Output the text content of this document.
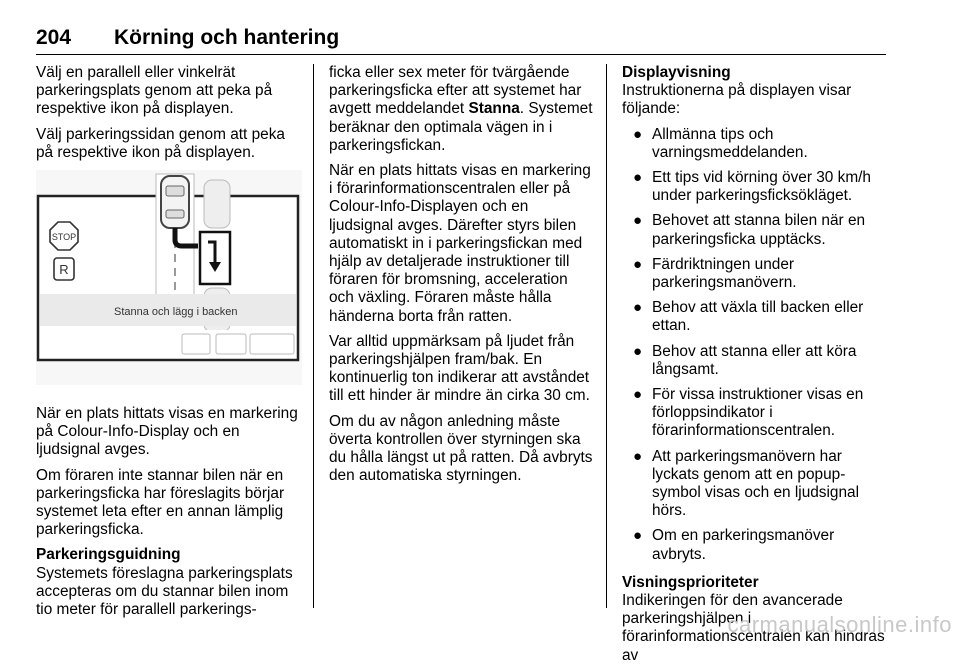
204 Körning och hantering

Välj en parallell eller vinkelrät parkeringsplats genom att peka på respektive ikon på displayen.

Välj parkeringssidan genom att peka på respektive ikon på displayen.

STOP
R
Stanna och lägg i backen

När en plats hittats visas en markering på Colour-Info-Display och en ljudsignal avges.

Om föraren inte stannar bilen när en parkeringsficka har föreslagits börjar systemet leta efter en annan lämplig parkeringsficka.

Parkeringsguidning

Systemets föreslagna parkeringsplats accepteras om du stannar bilen inom tio meter för parallell parkerings-

ficka eller sex meter för tvärgående parkeringsficka efter att systemet har avgett meddelandet Stanna. Systemet beräknar den optimala vägen in i parkeringsfickan.

När en plats hittats visas en markering i förarinformationscentralen eller på Colour-Info-Displayen och en ljudsignal avges. Därefter styrs bilen automatiskt in i parkeringsfickan med hjälp av detaljerade instruktioner till föraren för bromsning, acceleration och växling. Föraren måste hålla händerna borta från ratten.

Var alltid uppmärksam på ljudet från parkeringshjälpen fram/bak. En kontinuerlig ton indikerar att avståndet till ett hinder är mindre än cirka 30 cm.

Om du av någon anledning måste överta kontrollen över styrningen ska du hålla längst ut på ratten. Då avbryts den automatiska styrningen.

Displayvisning

Instruktionerna på displayen visar följande:

● Allmänna tips och varningsmeddelanden.
● Ett tips vid körning över 30 km/h under parkeringsficksökläget.
● Behovet att stanna bilen när en parkeringsficka upptäcks.
● Färdriktningen under parkeringsmanövern.
● Behov att växla till backen eller ettan.
● Behov att stanna eller att köra långsamt.
● För vissa instruktioner visas en förloppsindikator i förarinformationscentralen.
● Att parkeringsmanövern har lyckats genom att en popup-symbol visas och en ljudsignal hörs.
● Om en parkeringsmanöver avbryts.
Visningsprioriteter

Indikeringen för den avancerade parkeringshjälpen i förarinformationscentralen kan hindras av

carmanualsonline.info
